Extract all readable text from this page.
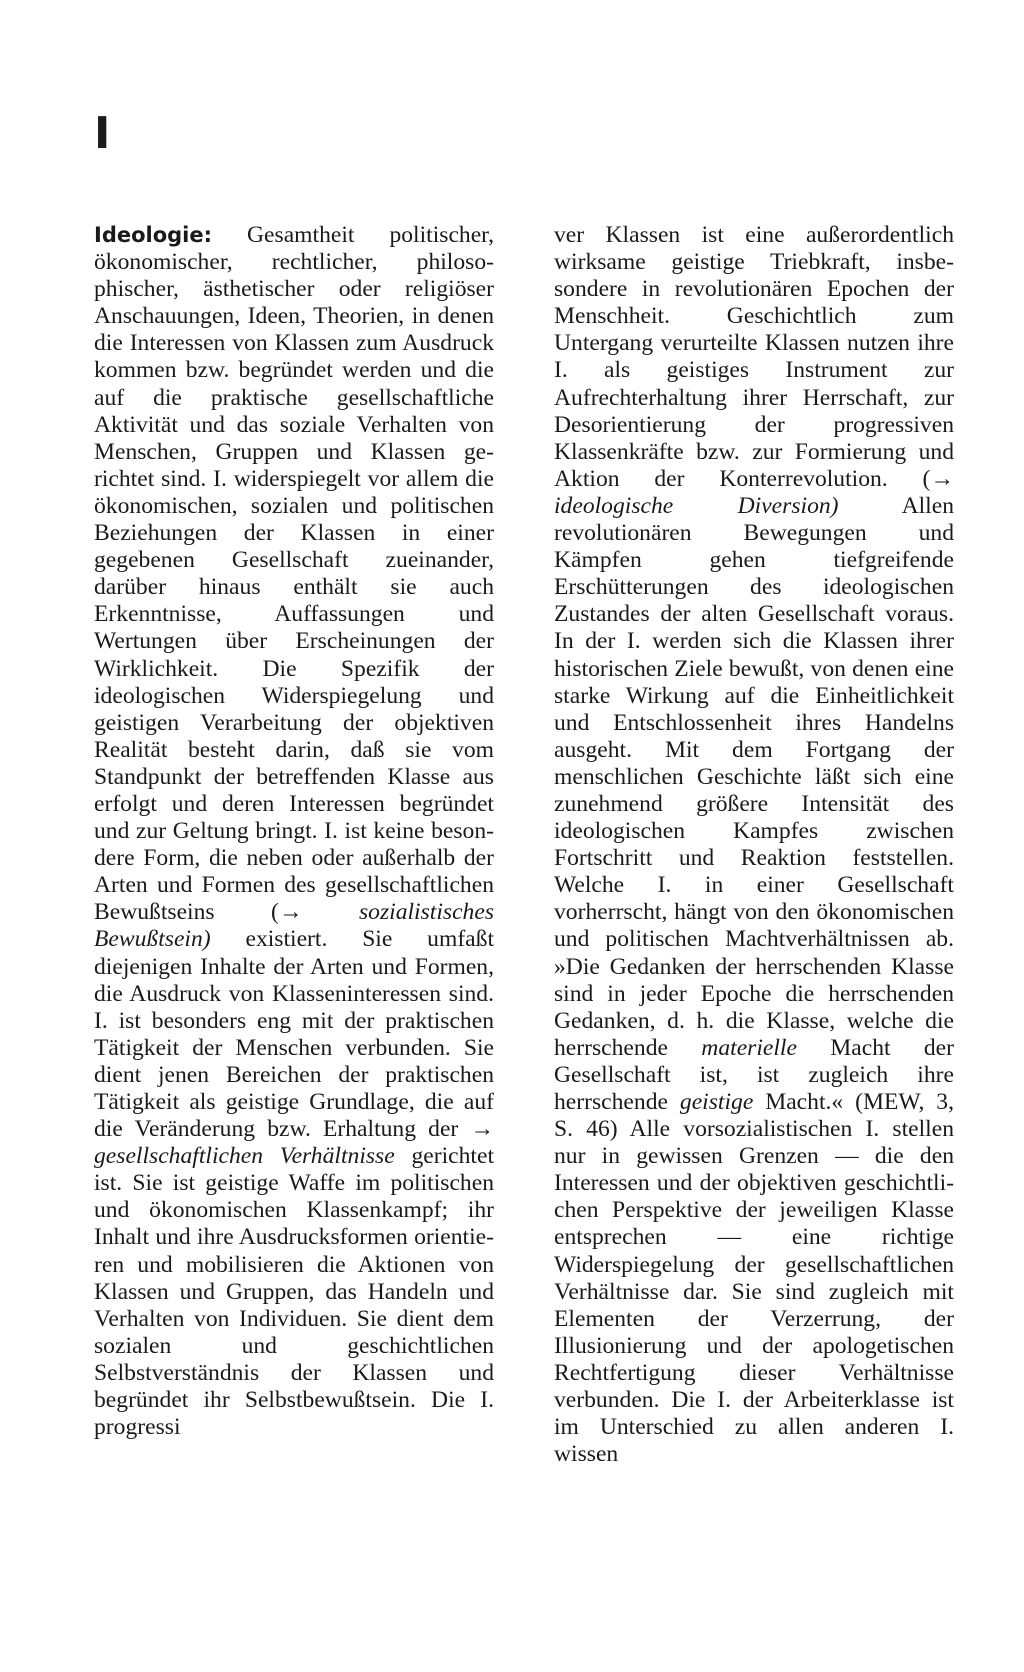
I

Ideologie: Gesamtheit politischer, ökonomischer, rechtlicher, philosophischer, ästhetischer oder religiöser Anschauungen, Ideen, Theorien, in denen die Interessen von Klassen zum Ausdruck kommen bzw. begründet werden und die auf die praktische gesellschaftliche Aktivität und das soziale Verhalten von Menschen, Gruppen und Klassen gerichtet sind. I. widerspiegelt vor allem die ökonomischen, sozialen und politischen Beziehungen der Klassen in einer gegebenen Gesellschaft zueinander, darüber hinaus enthält sie auch Erkenntnisse, Auffassungen und Wertungen über Erscheinungen der Wirklichkeit. Die Spezifik der ideologischen Widerspiegelung und geistigen Verarbeitung der objektiven Realität besteht darin, daß sie vom Standpunkt der betreffenden Klasse aus erfolgt und deren Interessen begründet und zur Geltung bringt. I. ist keine besondere Form, die neben oder außerhalb der Arten und Formen des gesellschaftlichen Bewußtseins (→ sozialistisches Bewußtsein) existiert. Sie umfaßt diejenigen Inhalte der Arten und Formen, die Ausdruck von Klasseninteressen sind. I. ist besonders eng mit der praktischen Tätigkeit der Menschen verbunden. Sie dient jenen Bereichen der praktischen Tätigkeit als geistige Grundlage, die auf die Veränderung bzw. Erhaltung der → gesellschaftlichen Verhältnisse gerichtet ist. Sie ist geistige Waffe im politischen und ökonomischen Klassenkampf; ihr Inhalt und ihre Ausdrucksformen orientieren und mobilisieren die Aktionen von Klassen und Gruppen, das Handeln und Verhalten von Individuen. Sie dient dem sozialen und geschichtlichen Selbstverständnis der Klassen und begründet ihr Selbstbewußtsein. Die I. progressi

ver Klassen ist eine außerordentlich wirksame geistige Triebkraft, insbesondere in revolutionären Epochen der Menschheit. Geschichtlich zum Untergang verurteilte Klassen nutzen ihre I. als geistiges Instrument zur Aufrechterhaltung ihrer Herrschaft, zur Desorientierung der progressiven Klassenkräfte bzw. zur Formierung und Aktion der Konterrevolution. (→ ideologische Diversion) Allen revolutionären Bewegungen und Kämpfen gehen tiefgreifende Erschütterungen des ideologischen Zustandes der alten Gesellschaft voraus. In der I. werden sich die Klassen ihrer historischen Ziele bewußt, von denen eine starke Wirkung auf die Einheitlichkeit und Entschlossenheit ihres Handelns ausgeht. Mit dem Fortgang der menschlichen Geschichte läßt sich eine zunehmend größere Intensität des ideologischen Kampfes zwischen Fortschritt und Reaktion feststellen. Welche I. in einer Gesellschaft vorherrscht, hängt von den ökonomischen und politischen Machtverhältnissen ab. »Die Gedanken der herrschenden Klasse sind in jeder Epoche die herrschenden Gedanken, d. h. die Klasse, welche die herrschende materielle Macht der Gesellschaft ist, ist zugleich ihre herrschende geistige Macht.« (MEW, 3, S. 46) Alle vorsozialistischen I. stellen nur in gewissen Grenzen — die den Interessen und der objektiven geschichtlichen Perspektive der jeweiligen Klasse entsprechen — eine richtige Widerspiegelung der gesellschaftlichen Verhältnisse dar. Sie sind zugleich mit Elementen der Verzerrung, der Illusionierung und der apologetischen Rechtfertigung dieser Verhältnisse verbunden. Die I. der Arbeiterklasse ist im Unterschied zu allen anderen I. wissen
